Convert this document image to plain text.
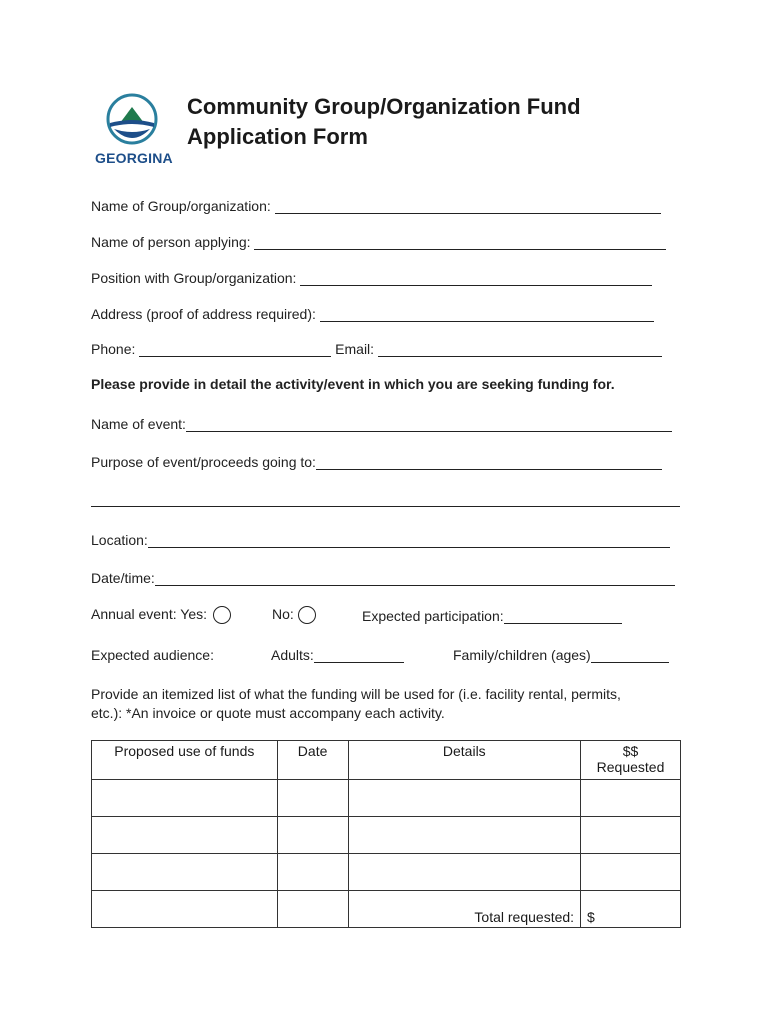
GEORGINA
Community Group/Organization Fund
Application Form
Name of Group/organization:
Name of person applying:
Position with Group/organization:
Address (proof of address required):
Phone:	Email:
Please provide in detail the activity/event in which you are seeking funding for.
Name of event:
Purpose of event/proceeds going to:
Location:
Date/time:
Annual event: Yes:	No:	Expected participation:
Expected audience:	Adults:	Family/children (ages)
Provide an itemized list of what the funding will be used for (i.e. facility rental, permits,
etc.): *An invoice or quote must accompany each activity.
Proposed use of funds	Date	Details	$$
Requested

		Total requested:	$
